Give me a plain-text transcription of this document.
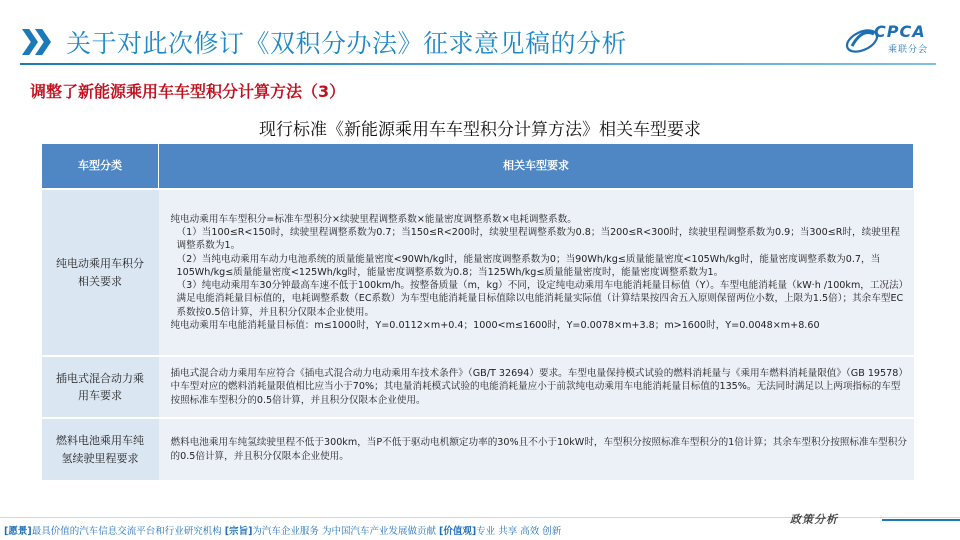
关于对此次修订《双积分办法》征求意见稿的分析	CPCA
乘联分会
调整了新能源乘用车车型积分计算方法（3）
现行标准《新能源乘用车车型积分计算方法》相关车型要求
车型分类	相关车型要求
纯电动乘用车积分相关要求	纯电动乘用车车型积分=标准车型积分×续驶里程调整系数×能量密度调整系数×电耗调整系数。
（1）当100≤R<150时，续驶里程调整系数为0.7；当150≤R<200时，续驶里程调整系数为0.8；当200≤R<300时，续驶里程调整系数为0.9；当300≤R时，续驶里程调整系数为1。
（2）当纯电动乘用车动力电池系统的质量能量密度<90Wh/kg时，能量密度调整系数为0；当90Wh/kg≤质量能量密度<105Wh/kg时，能量密度调整系数为0.7，当105Wh/kg≤质量能量密度<125Wh/kg时，能量密度调整系数为0.8；当125Wh/kg≤质量能量密度时，能量密度调整系数为1。
（3）纯电动乘用车30分钟最高车速不低于100km/h。按整备质量（m，kg）不同，设定纯电动乘用车电能消耗量目标值（Y）。车型电能消耗量（kW·h /100km，工况法）满足电能消耗量目标值的，电耗调整系数（EC系数）为车型电能消耗量目标值除以电能消耗量实际值（计算结果按四舍五入原则保留两位小数，上限为1.5倍）；其余车型EC系数按0.5倍计算，并且积分仅限本企业使用。
纯电动乘用车电能消耗量目标值：m≤1000时，Y=0.0112×m+0.4；1000<m≤1600时，Y=0.0078×m+3.8；m>1600时，Y=0.0048×m+8.60

插电式混合动力乘用车要求	插电式混合动力乘用车应符合《插电式混合动力电动乘用车技术条件》（GB/T 32694）要求。车型电量保持模式试验的燃料消耗量与《乘用车燃料消耗量限值》（GB 19578）中车型对应的燃料消耗量限值相比应当小于70%；其电量消耗模式试验的电能消耗量应小于前款纯电动乘用车电能消耗量目标值的135%。无法同时满足以上两项指标的车型按照标准车型积分的0.5倍计算，并且积分仅限本企业使用。

燃料电池乘用车纯氢续驶里程要求	燃料电池乘用车纯氢续驶里程不低于300km，当P不低于驱动电机额定功率的30%且不小于10kW时，车型积分按照标准车型积分的1倍计算；其余车型积分按照标准车型积分的0.5倍计算，并且积分仅限本企业使用。
[愿景]最具价值的汽车信息交流平台和行业研究机构 [宗旨]为汽车企业服务 为中国汽车产业发展做贡献 [价值观]专业 共享 高效 创新
政策分析
